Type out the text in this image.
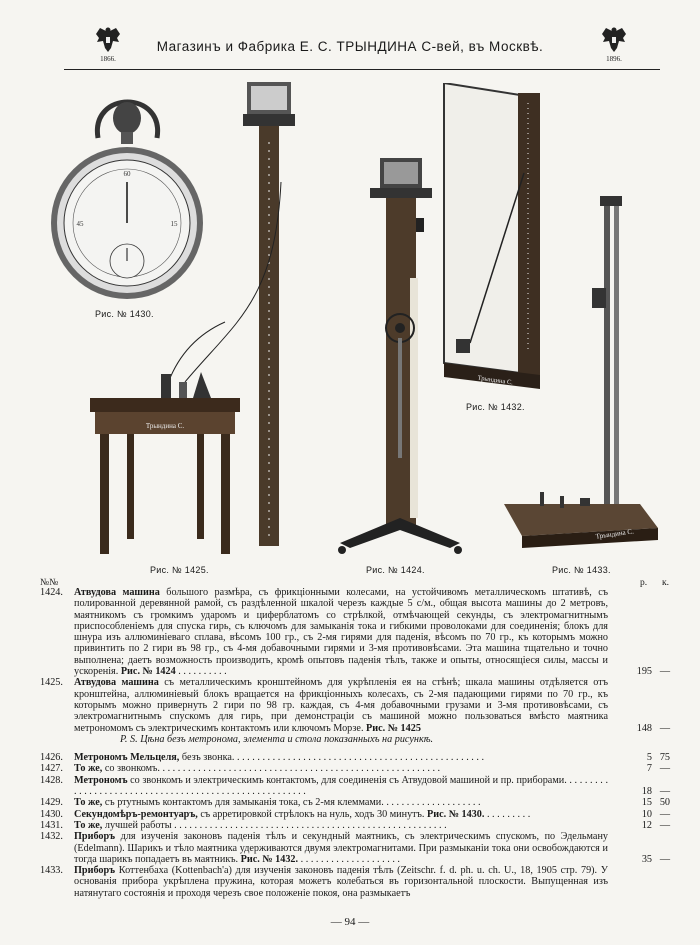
1866.
Магазинъ и Фабрика Е. С. ТРЫНДИНА С-вей, въ Москвѣ.
1896.
60
15
45
Рис. № 1430.
Трындина С.
Рис. № 1425.	Рис. № 1424.
Трындина С.
Рис. № 1432.
Трындина С.
Рис. № 1433.
№№	р. к.
1424. Атвудова машина большого размѣра, съ фрикціонными колесами, на устойчивомъ металлическомъ штативѣ, съ полированной деревянной рамой, съ раздѣленной шкалой черезъ каждые 5 с/м., общая высота машины до 2 метровъ, маятникомъ съ громкимъ ударомъ и циферблатомъ со стрѣлкой, отмѣчающей секунды, съ электромагнитнымъ приспособленіемъ для спуска гирь, съ ключомъ для замыканія тока и гибкими проволоками для соединенія; блокъ для шнура изъ аллюминіеваго сплава, вѣсомъ 100 гр., съ 2-мя гирями для паденія, вѣсомъ по 70 гр., къ которымъ можно привинтить по 2 гири въ 98 гр., съ 4-мя добавочными гирями и 3-мя противовѣсами. Эта машина тщательно и точно выполнена; даетъ возможность производить, кромѣ опытовъ паденія тѣлъ, также и опыты, относящіеся силы, массы и ускоренія. Рис. № 1424 . . . . . . . . . .	195 —
1425. Атвудова машина съ металлическимъ кронштейномъ для укрѣпленія ея на стѣнѣ; шкала машины отдѣляется отъ кронштейна, аллюминіевый блокъ вращается на фрикціонныхъ колесахъ, съ 2-мя падающими гирями по 70 гр., къ которымъ можно привернуть 2 гири по 98 гр. каждая, съ 4-мя добавочными грузами и 3-мя противовѣсами, съ электромагнитнымъ спускомъ для гирь, при демонстраціи съ машиной можно пользоваться вмѣсто маятника метрономомъ съ электрическимъ контактомъ или ключомъ Морзе. Рис. № 1425	148 —
P. S. Цѣна безъ метронома, элемента и стола показанныхъ на рисункѣ.
1426. Метрономъ Мельцеля, безъ звонка. . . . . . . . . . . . . . . . . . . . . . . . . . . . . . . . . . . . . . . . . . . . . . . . . .	5 75
1427. То же, со звонкомъ. . . . . . . . . . . . . . . . . . . . . . . . . . . . . . . . . . . . . . . . . . . . . . . . . . . . . . . .	7 —
1428. Метрономъ со звонкомъ и электрическимъ контактомъ, для соединенія съ Атвудовой машиной и пр. приборами. . . . . . . . . . . . . . . . . . . . . . . . . . . . . . . . . . . . . . . . . . . . . . . . . . . . . . .	18 —
1429. То же, съ ртутнымъ контактомъ для замыканія тока, съ 2-мя клеммами. . . . . . . . . . . . . . . . . . . .	15 50
1430. Секундомѣръ-ремонтуаръ, съ арретировкой стрѣлокъ на нуль, ходъ 30 минутъ. Рис. № 1430. . . . . . . . . .	10 —
1431. То же, лучшей работы . . . . . . . . . . . . . . . . . . . . . . . . . . . . . . . . . . . . . . . . . . . . . . . . . . . . . .	12 —
1432. Приборъ для изученія законовъ паденія тѣлъ и секундный маятникъ, съ электрическимъ спускомъ, по Эдельману (Edelmann). Шарикъ и тѣло маятника удерживаются двумя электромагнитами. При размыканіи тока они освобождаются и тогда шарикъ попадаетъ въ маятникъ. Рис. № 1432. . . . . . . . . . . . . . . . . . . . .	35 —
1433. Приборъ Коттенбаха (Kottenbach'a) для изученія законовъ паденія тѣлъ (Zeitschr. f. d. ph. u. ch. U., 18, 1905 стр. 79). У основанія прибора укрѣплена пружина, которая можетъ колебаться въ горизонтальной плоскости. Выпущенная изъ натянутаго состоянія и проходя черезъ свое положеніе покоя, она размыкаетъ
— 94 —
